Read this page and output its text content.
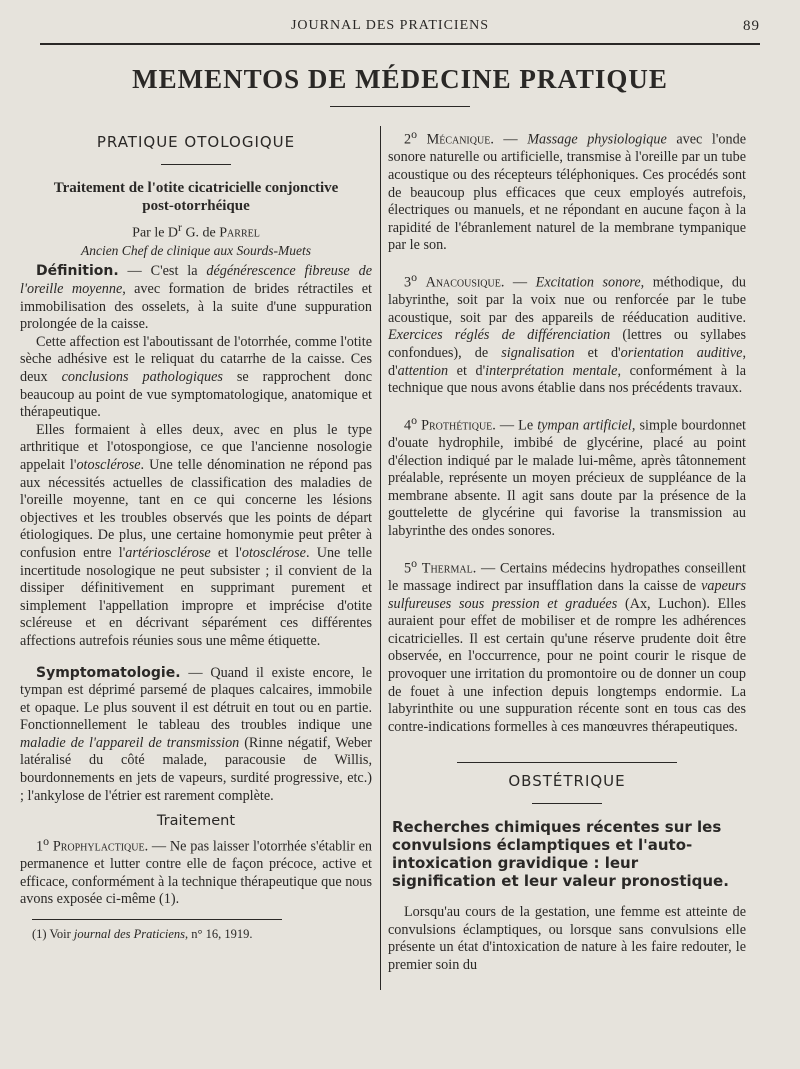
JOURNAL DES PRATICIENS	89
MEMENTOS DE MÉDECINE PRATIQUE
PRATIQUE OTOLOGIQUE
Traitement de l'otite cicatricielle conjonctive
post-otorrhéique
Par le $D^r$ G. de Parrel
Ancien Chef de clinique aux Sourds-Muets

Définition. — C'est la dégénérescence fibreuse de l'oreille moyenne, avec formation de brides rétractiles et immobilisation des osselets, à la suite d'une suppuration prolongée de la caisse.

Cette affection est l'aboutissant de l'otorrhée, comme l'otite sèche adhésive est le reliquat du catarrhe de la caisse. Ces deux conclusions pathologiques se rapprochent donc beaucoup au point de vue symptomatologique, anatomique et thérapeutique.

Elles formaient à elles deux, avec en plus le type arthritique et l'otospongiose, ce que l'ancienne nosologie appelait l'otosclérose. Une telle dénomination ne répond pas aux nécessités actuelles de classification des maladies de l'oreille moyenne, tant en ce qui concerne les lésions objectives et les troubles observés que les points de départ étiologiques. De plus, une certaine homonymie peut prêter à confusion entre l'artériosclérose et l'otosclérose. Une telle incertitude nosologique ne peut subsister ; il convient de la dissiper définitivement en supprimant purement et simplement l'appellation impropre et imprécise d'otite scléreuse et en décrivant séparément ces différentes affections autrefois réunies sous une même étiquette.

Symptomatologie. — Quand il existe encore, le tympan est déprimé parsemé de plaques calcaires, immobile et opaque. Le plus souvent il est détruit en tout ou en partie. Fonctionnellement le tableau des troubles indique une maladie de l'appareil de transmission (Rinne négatif, Weber latéralisé du côté malade, paracousie de Willis, bourdonnements en jets de vapeurs, surdité progressive, etc.) ; l'ankylose de l'étrier est rarement complète.

Traitement

1$^o$ Prophylactique. — Ne pas laisser l'otorrhée s'établir en permanence et lutter contre elle de façon précoce, active et efficace, conformément à la technique thérapeutique que nous avons exposée ci-même (1).

(1) Voir journal des Praticiens, n° 16, 1919.

2$^o$ Mécanique. — Massage physiologique avec l'onde sonore naturelle ou artificielle, transmise à l'oreille par un tube acoustique ou des récepteurs téléphoniques. Ces procédés sont de beaucoup plus efficaces que ceux employés autrefois, électriques ou manuels, et ne répondant en aucune façon à la rapidité de l'ébranlement naturel de la membrane tympanique par le son.

3$^o$ Anacousique. — Excitation sonore, méthodique, du labyrinthe, soit par la voix nue ou renforcée par le tube acoustique, soit par des appareils de rééducation auditive. Exercices réglés de différenciation (lettres ou syllabes confondues), de signalisation et d'orientation auditive, d'attention et d'interprétation mentale, conformément à la technique que nous avons établie dans nos précédents travaux.

4$^o$ Prothétique. — Le tympan artificiel, simple bourdonnet d'ouate hydrophile, imbibé de glycérine, placé au point d'élection indiqué par le malade lui-même, après tâtonnement préalable, représente un moyen précieux de suppléance de la membrane absente. Il agit sans doute par la présence de la gouttelette de glycérine qui favorise la transmission au labyrinthe des ondes sonores.

5$^o$ Thermal. — Certains médecins hydropathes conseillent le massage indirect par insufflation dans la caisse de vapeurs sulfureuses sous pression et graduées (Ax, Luchon). Elles auraient pour effet de mobiliser et de rompre les adhérences cicatricielles. Il est certain qu'une réserve prudente doit être observée, en l'occurrence, pour ne point courir le risque de provoquer une irritation du promontoire ou de donner un coup de fouet à une infection depuis longtemps endormie. La labyrinthite ou une suppuration récente sont en tous cas des contre-indications formelles à ces manœuvres thérapeutiques.

OBSTÉTRIQUE
Recherches chimiques récentes sur les convulsions éclamptiques et l'auto-intoxication gravidique : leur signification et leur valeur pronostique.

Lorsqu'au cours de la gestation, une femme est atteinte de convulsions éclamptiques, ou lorsque sans convulsions elle présente un état d'intoxication de nature à les faire redouter, le premier soin du
